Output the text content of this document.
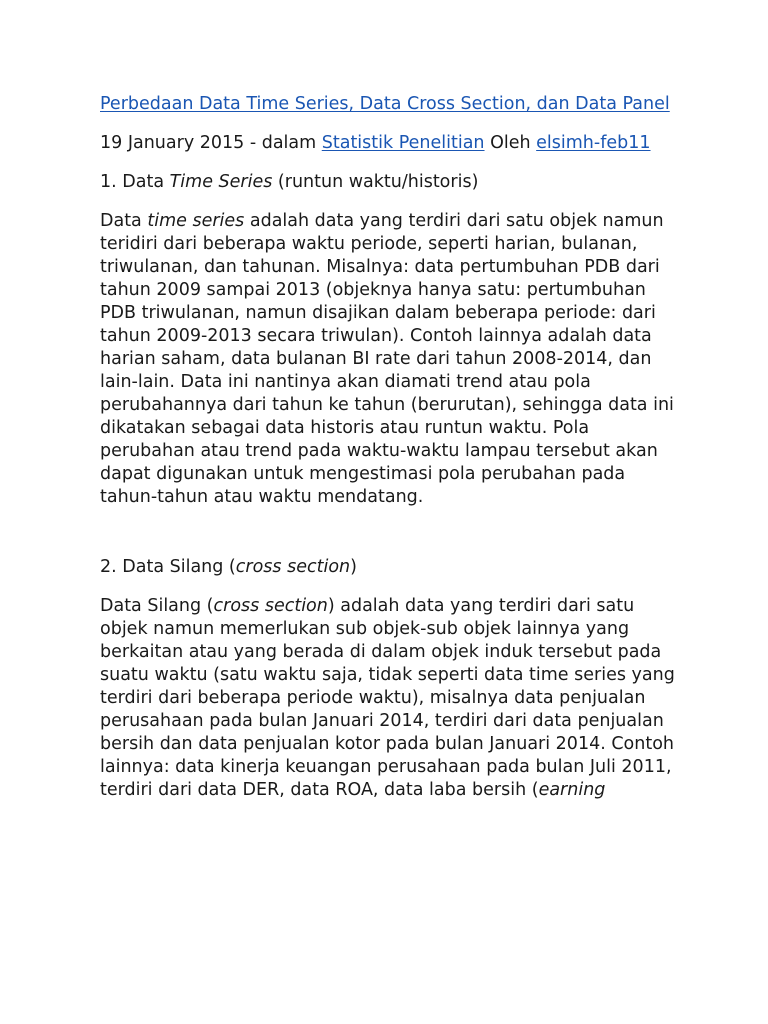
Perbedaan Data Time Series, Data Cross Section, dan Data Panel

19 January 2015 - dalam Statistik Penelitian Oleh elsimh-feb11

1. Data Time Series (runtun waktu/historis)

Data time series adalah data yang terdiri dari satu objek namun teridiri dari beberapa waktu periode, seperti harian, bulanan, triwulanan, dan tahunan. Misalnya: data pertumbuhan PDB dari tahun 2009 sampai 2013 (objeknya hanya satu: pertumbuhan PDB triwulanan, namun disajikan dalam beberapa periode: dari tahun 2009-2013 secara triwulan). Contoh lainnya adalah data harian saham, data bulanan BI rate dari tahun 2008-2014, dan lain-lain. Data ini nantinya akan diamati trend atau pola perubahannya dari tahun ke tahun (berurutan), sehingga data ini dikatakan sebagai data historis atau runtun waktu. Pola perubahan atau trend pada waktu-waktu lampau tersebut akan dapat digunakan untuk mengestimasi pola perubahan pada tahun-tahun atau waktu mendatang.

2. Data Silang (cross section)

Data Silang (cross section) adalah data yang terdiri dari satu objek namun memerlukan sub objek-sub objek lainnya yang berkaitan atau yang berada di dalam objek induk tersebut pada suatu waktu (satu waktu saja, tidak seperti data time series yang terdiri dari beberapa periode waktu), misalnya data penjualan perusahaan pada bulan Januari 2014, terdiri dari data penjualan bersih dan data penjualan kotor pada bulan Januari 2014. Contoh lainnya: data kinerja keuangan perusahaan pada bulan Juli 2011, terdiri dari data DER, data ROA, data laba bersih (earning
